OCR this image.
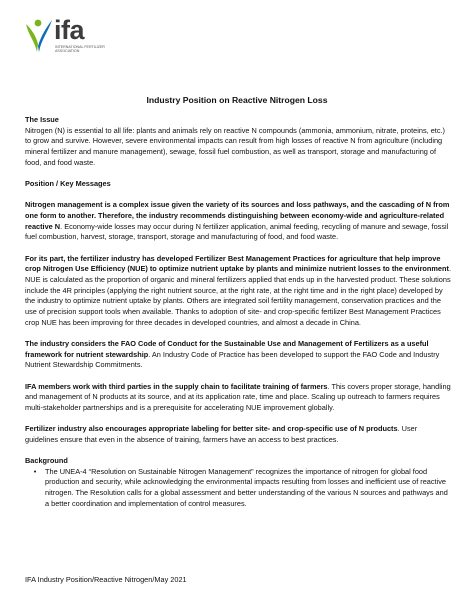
ifa
INTERNATIONAL FERTILIZER ASSOCIATION
Industry Position on Reactive Nitrogen Loss

The Issue

Nitrogen (N) is essential to all life: plants and animals rely on reactive N compounds (ammonia, ammonium, nitrate, proteins, etc.) to grow and survive. However, severe environmental impacts can result from high losses of reactive N from agriculture (including mineral fertilizer and manure management), sewage, fossil fuel combustion, as well as transport, storage and manufacturing of food, and food waste.

Position / Key Messages

Nitrogen management is a complex issue given the variety of its sources and loss pathways, and the cascading of N from one form to another. Therefore, the industry recommends distinguishing between economy-wide and agriculture-related reactive N. Economy-wide losses may occur during N fertilizer application, animal feeding, recycling of manure and sewage, fossil fuel combustion, harvest, storage, transport, storage and manufacturing of food, and food waste.

For its part, the fertilizer industry has developed Fertilizer Best Management Practices for agriculture that help improve crop Nitrogen Use Efficiency (NUE) to optimize nutrient uptake by plants and minimize nutrient losses to the environment. NUE is calculated as the proportion of organic and mineral fertilizers applied that ends up in the harvested product. These solutions include the 4R principles (applying the right nutrient source, at the right rate, at the right time and in the right place) developed by the industry to optimize nutrient uptake by plants. Others are integrated soil fertility management, conservation practices and the use of precision support tools when available. Thanks to adoption of site- and crop-specific fertilizer Best Management Practices crop NUE has been improving for three decades in developed countries, and almost a decade in China.

The industry considers the FAO Code of Conduct for the Sustainable Use and Management of Fertilizers as a useful framework for nutrient stewardship. An Industry Code of Practice has been developed to support the FAO Code and Industry Nutrient Stewardship Commitments.

IFA members work with third parties in the supply chain to facilitate training of farmers. This covers proper storage, handling and management of N products at its source, and at its application rate, time and place. Scaling up outreach to farmers requires multi-stakeholder partnerships and is a prerequisite for accelerating NUE improvement globally.

Fertilizer industry also encourages appropriate labeling for better site- and crop-specific use of N products. User guidelines ensure that even in the absence of training, farmers have an access to best practices.

Background

•	The UNEA-4 “Resolution on Sustainable Nitrogen Management” recognizes the importance of nitrogen for global food production and security, while acknowledging the environmental impacts resulting from losses and inefficient use of reactive nitrogen. The Resolution calls for a global assessment and better understanding of the various N sources and pathways and a better coordination and implementation of control measures.
IFA Industry Position/Reactive Nitrogen/May 2021
